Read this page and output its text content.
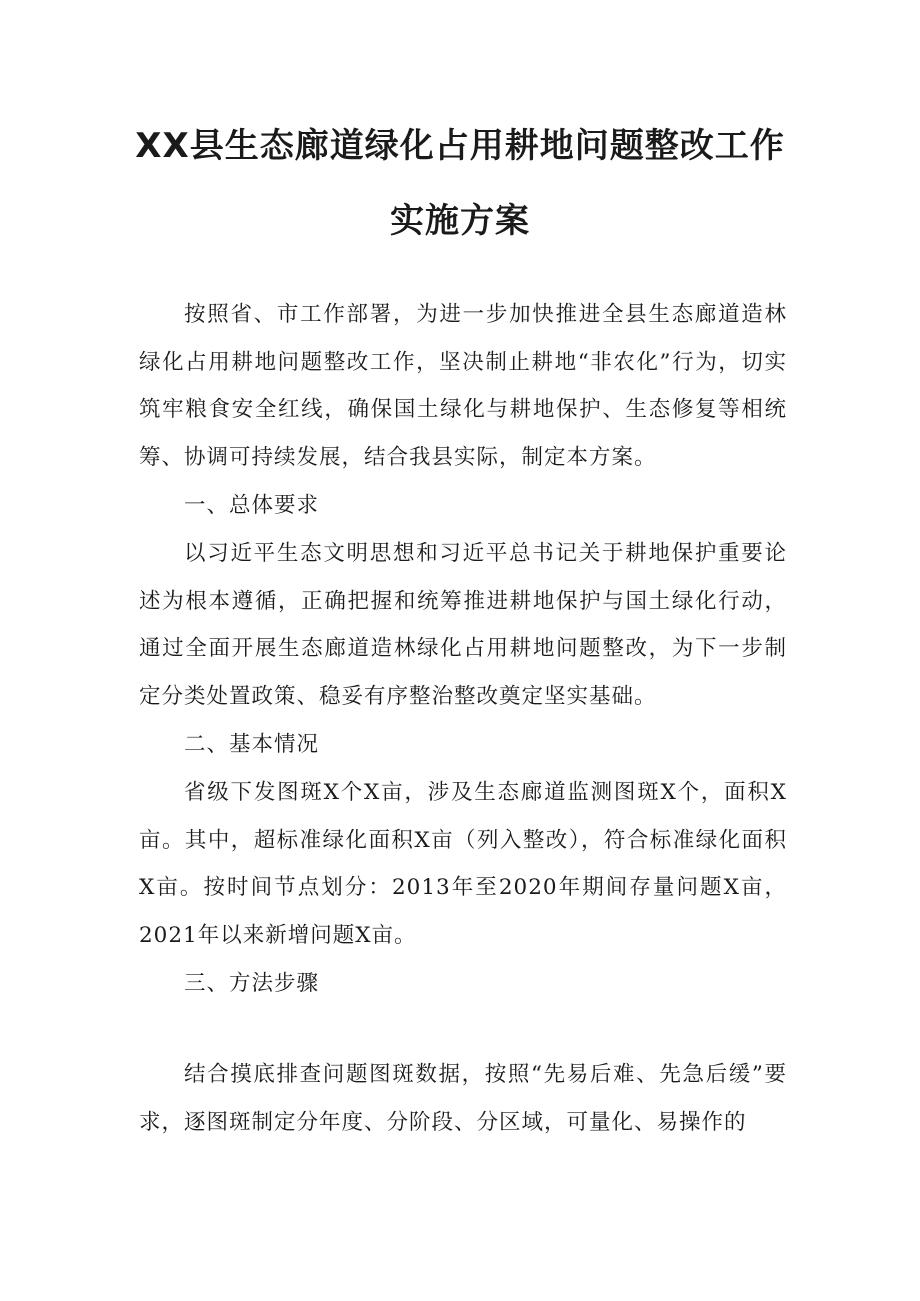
XX县生态廊道绿化占用耕地问题整改工作
实施方案

按照省、市工作部署，为进一步加快推进全县生态廊道造林绿化占用耕地问题整改工作，坚决制止耕地“非农化”行为，切实筑牢粮食安全红线，确保国土绿化与耕地保护、生态修复等相统筹、协调可持续发展，结合我县实际，制定本方案。

一、总体要求

以习近平生态文明思想和习近平总书记关于耕地保护重要论述为根本遵循，正确把握和统筹推进耕地保护与国土绿化行动，通过全面开展生态廊道造林绿化占用耕地问题整改，为下一步制定分类处置政策、稳妥有序整治整改奠定坚实基础。

二、基本情况

省级下发图斑X个X亩，涉及生态廊道监测图斑X个，面积X亩。其中，超标准绿化面积X亩（列入整改），符合标准绿化面积X亩。按时间节点划分：2013年至2020年期间存量问题X亩，2021年以来新增问题X亩。

三、方法步骤

结合摸底排查问题图斑数据，按照“先易后难、先急后缓”要求，逐图斑制定分年度、分阶段、分区域，可量化、易操作的
